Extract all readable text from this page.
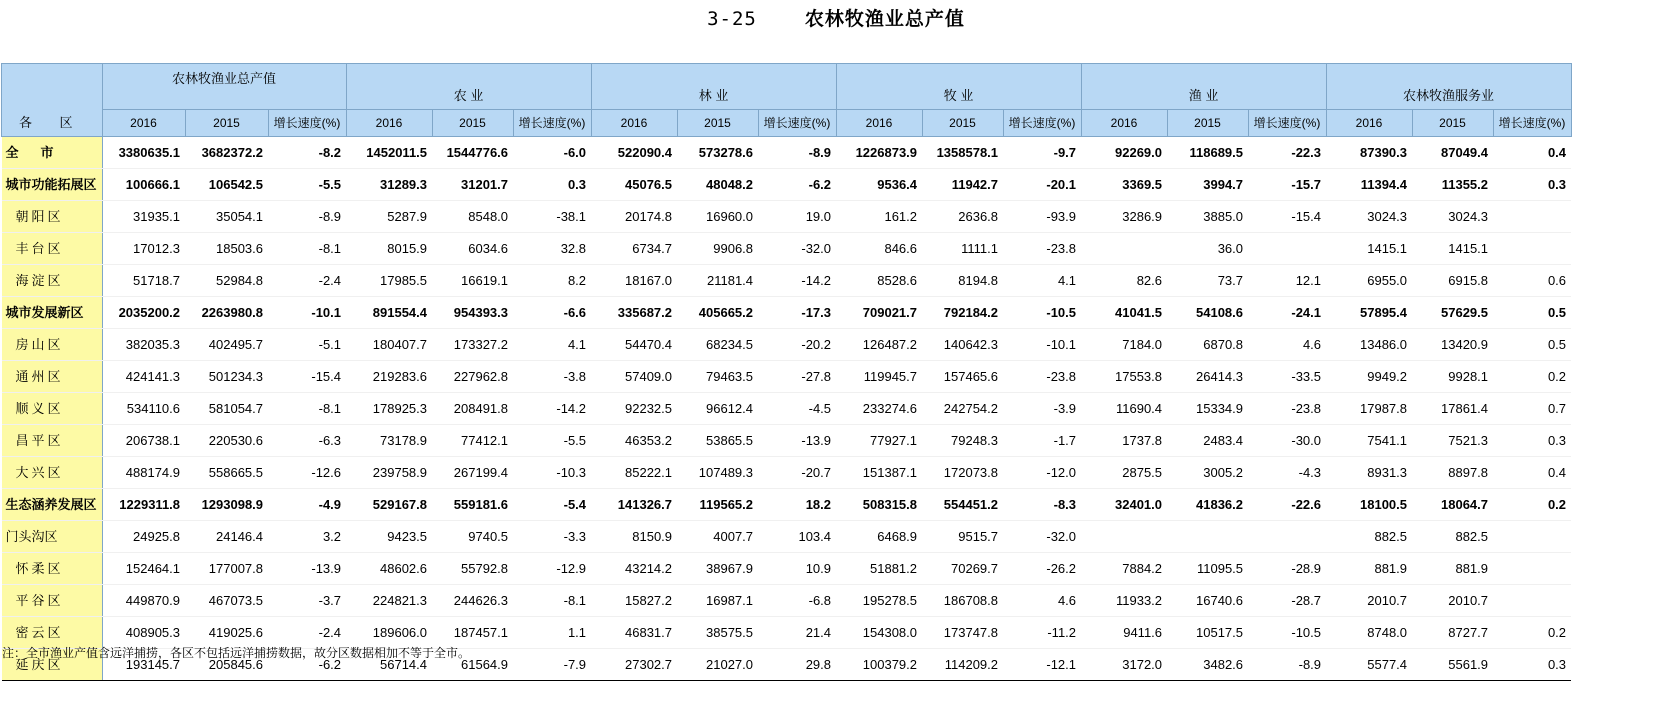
3-25	农林牧渔业总产值
各 区	农林牧渔业总产值			农 业			林 业			牧 业			渔 业			农林牧渔服务业		
	2016	2015	增长速度(%)	2016	2015	增长速度(%)	2016	2015	增长速度(%)	2016	2015	增长速度(%)	2016	2015	增长速度(%)	2016	2015	增长速度(%)
全市	3380635.1	3682372.2	-8.2	1452011.5	1544776.6	-6.0	522090.4	573278.6	-8.9	1226873.9	1358578.1	-9.7	92269.0	118689.5	-22.3	87390.3	87049.4	0.4
城市功能拓展区	100666.1	106542.5	-5.5	31289.3	31201.7	0.3	45076.5	48048.2	-6.2	9536.4	11942.7	-20.1	3369.5	3994.7	-15.7	11394.4	11355.2	0.3
朝阳区	31935.1	35054.1	-8.9	5287.9	8548.0	-38.1	20174.8	16960.0	19.0	161.2	2636.8	-93.9	3286.9	3885.0	-15.4	3024.3	3024.3	
丰台区	17012.3	18503.6	-8.1	8015.9	6034.6	32.8	6734.7	9906.8	-32.0	846.6	1111.1	-23.8		36.0		1415.1	1415.1	
海淀区	51718.7	52984.8	-2.4	17985.5	16619.1	8.2	18167.0	21181.4	-14.2	8528.6	8194.8	4.1	82.6	73.7	12.1	6955.0	6915.8	0.6
城市发展新区	2035200.2	2263980.8	-10.1	891554.4	954393.3	-6.6	335687.2	405665.2	-17.3	709021.7	792184.2	-10.5	41041.5	54108.6	-24.1	57895.4	57629.5	0.5
房山区	382035.3	402495.7	-5.1	180407.7	173327.2	4.1	54470.4	68234.5	-20.2	126487.2	140642.3	-10.1	7184.0	6870.8	4.6	13486.0	13420.9	0.5
通州区	424141.3	501234.3	-15.4	219283.6	227962.8	-3.8	57409.0	79463.5	-27.8	119945.7	157465.6	-23.8	17553.8	26414.3	-33.5	9949.2	9928.1	0.2
顺义区	534110.6	581054.7	-8.1	178925.3	208491.8	-14.2	92232.5	96612.4	-4.5	233274.6	242754.2	-3.9	11690.4	15334.9	-23.8	17987.8	17861.4	0.7
昌平区	206738.1	220530.6	-6.3	73178.9	77412.1	-5.5	46353.2	53865.5	-13.9	77927.1	79248.3	-1.7	1737.8	2483.4	-30.0	7541.1	7521.3	0.3
大兴区	488174.9	558665.5	-12.6	239758.9	267199.4	-10.3	85222.1	107489.3	-20.7	151387.1	172073.8	-12.0	2875.5	3005.2	-4.3	8931.3	8897.8	0.4
生态涵养发展区	1229311.8	1293098.9	-4.9	529167.8	559181.6	-5.4	141326.7	119565.2	18.2	508315.8	554451.2	-8.3	32401.0	41836.2	-22.6	18100.5	18064.7	0.2
门头沟区	24925.8	24146.4	3.2	9423.5	9740.5	-3.3	8150.9	4007.7	103.4	6468.9	9515.7	-32.0				882.5	882.5	
怀柔区	152464.1	177007.8	-13.9	48602.6	55792.8	-12.9	43214.2	38967.9	10.9	51881.2	70269.7	-26.2	7884.2	11095.5	-28.9	881.9	881.9	
平谷区	449870.9	467073.5	-3.7	224821.3	244626.3	-8.1	15827.2	16987.1	-6.8	195278.5	186708.8	4.6	11933.2	16740.6	-28.7	2010.7	2010.7	
密云区	408905.3	419025.6	-2.4	189606.0	187457.1	1.1	46831.7	38575.5	21.4	154308.0	173747.8	-11.2	9411.6	10517.5	-10.5	8748.0	8727.7	0.2
延庆区	193145.7	205845.6	-6.2	56714.4	61564.9	-7.9	27302.7	21027.0	29.8	100379.2	114209.2	-12.1	3172.0	3482.6	-8.9	5577.4	5561.9	0.3
注：全市渔业产值含远洋捕捞，各区不包括远洋捕捞数据，故分区数据相加不等于全市。
